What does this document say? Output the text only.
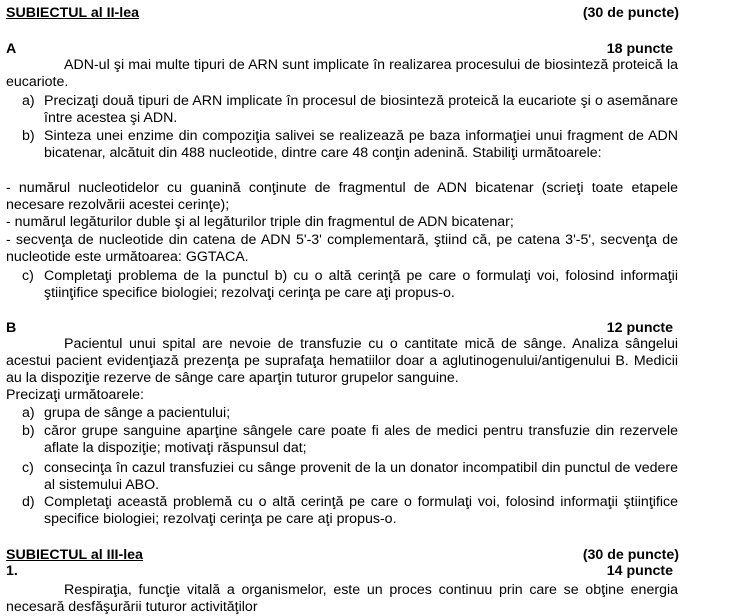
SUBIECTUL al II-lea	(30 de puncte)
A	18 puncte
ADN-ul şi mai multe tipuri de ARN sunt implicate în realizarea procesului de biosinteză proteică la eucariote.
a) Precizaţi două tipuri de ARN implicate în procesul de biosinteză proteică la eucariote şi o asemănare între acestea şi ADN.
b) Sinteza unei enzime din compoziţia salivei se realizează pe baza informaţiei unui fragment de ADN bicatenar, alcătuit din 488 nucleotide, dintre care 48 conţin adenină. Stabiliţi următoarele:
- numărul nucleotidelor cu guanină conţinute de fragmentul de ADN bicatenar (scrieţi toate etapele necesare rezolvării acestei cerinţe);
- numărul legăturilor duble şi al legăturilor triple din fragmentul de ADN bicatenar;
- secvenţa de nucleotide din catena de ADN 5'-3' complementară, ştiind că, pe catena 3'-5', secvenţa de nucleotide este următoarea: GGTACA.
c) Completaţi problema de la punctul b) cu o altă cerinţă pe care o formulaţi voi, folosind informaţii ştiinţifice specifice biologiei; rezolvaţi cerinţa pe care aţi propus-o.
B	12 puncte
Pacientul unui spital are nevoie de transfuzie cu o cantitate mică de sânge. Analiza sângelui acestui pacient evidenţiază prezenţa pe suprafaţa hematiilor doar a aglutinogenului/antigenului B. Medicii au la dispoziţie rezerve de sânge care aparţin tuturor grupelor sanguine.
Precizaţi următoarele:
a) grupa de sânge a pacientului;
b) căror grupe sanguine aparţine sângele care poate fi ales de medici pentru transfuzie din rezervele aflate la dispoziţie; motivaţi răspunsul dat;
c) consecinţa în cazul transfuziei cu sânge provenit de la un donator incompatibil din punctul de vedere al sistemului ABO.
d) Completaţi această problemă cu o altă cerinţă pe care o formulaţi voi, folosind informaţii ştiinţifice specifice biologiei; rezolvaţi cerinţa pe care aţi propus-o.
SUBIECTUL al III-lea	(30 de puncte)
1.	14 puncte
Respiraţia, funcţie vitală a organismelor, este un proces continuu prin care se obţine energia necesară desfăşurării tuturor activităţilor
